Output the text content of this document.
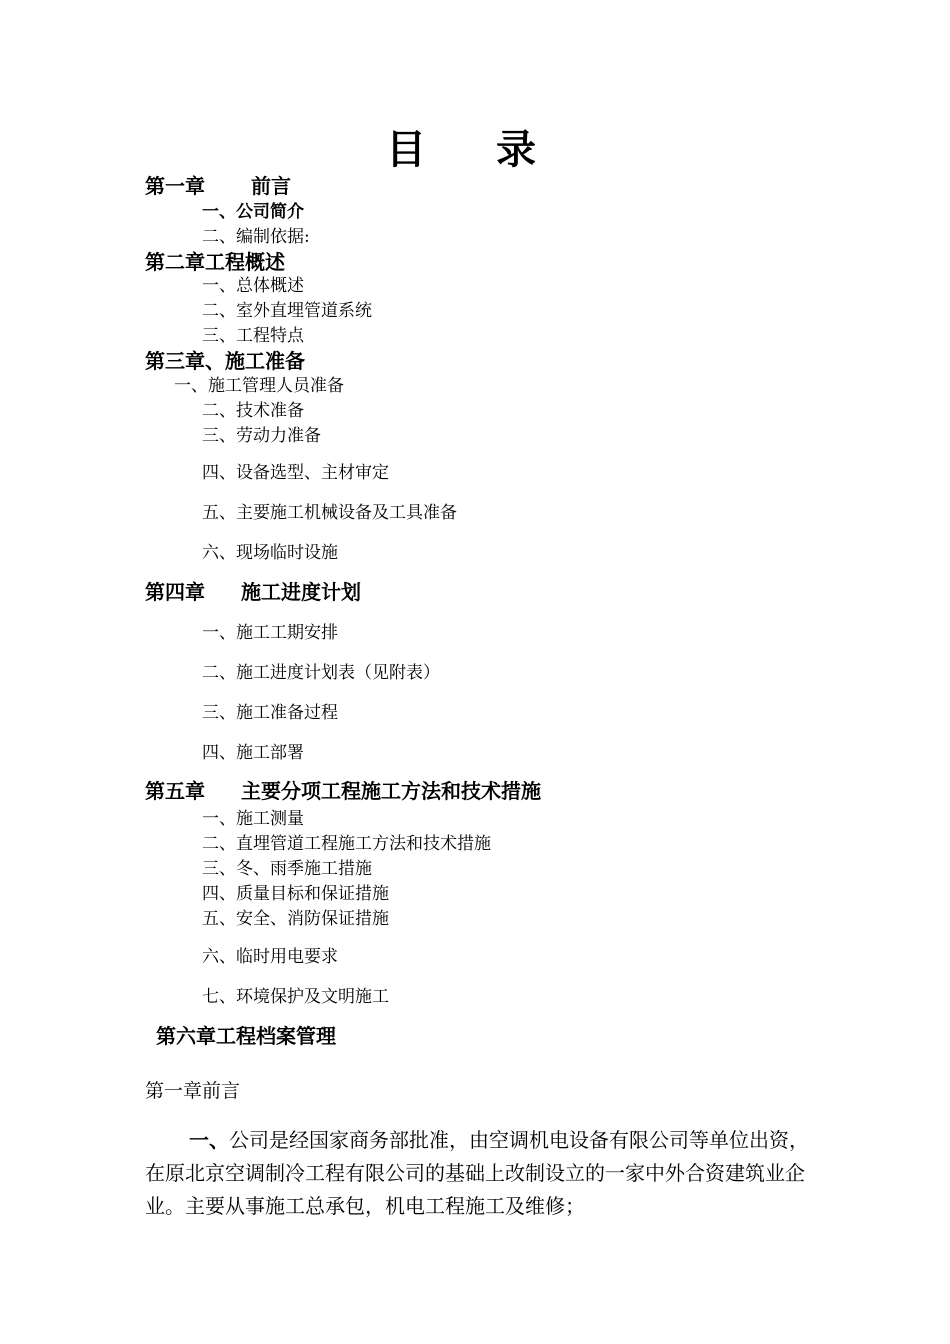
目 录
第一章 前言
一、公司简介
二、编制依据:
第二章工程概述
一、总体概述
二、室外直埋管道系统
三、工程特点
第三章、施工准备
一、施工管理人员准备
二、技术准备
三、劳动力准备
四、设备选型、主材审定
五、主要施工机械设备及工具准备
六、现场临时设施
第四章 施工进度计划
一、施工工期安排
二、施工进度计划表（见附表）
三、施工准备过程
四、施工部署
第五章 主要分项工程施工方法和技术措施
一、施工测量
二、直埋管道工程施工方法和技术措施
三、冬、雨季施工措施
四、质量目标和保证措施
五、安全、消防保证措施
六、临时用电要求
七、环境保护及文明施工
第六章工程档案管理
第一章前言
一、公司是经国家商务部批准，由空调机电设备有限公司等单位出资，在原北京空调制冷工程有限公司的基础上改制设立的一家中外合资建筑业企业。主要从事施工总承包，机电工程施工及维修；
